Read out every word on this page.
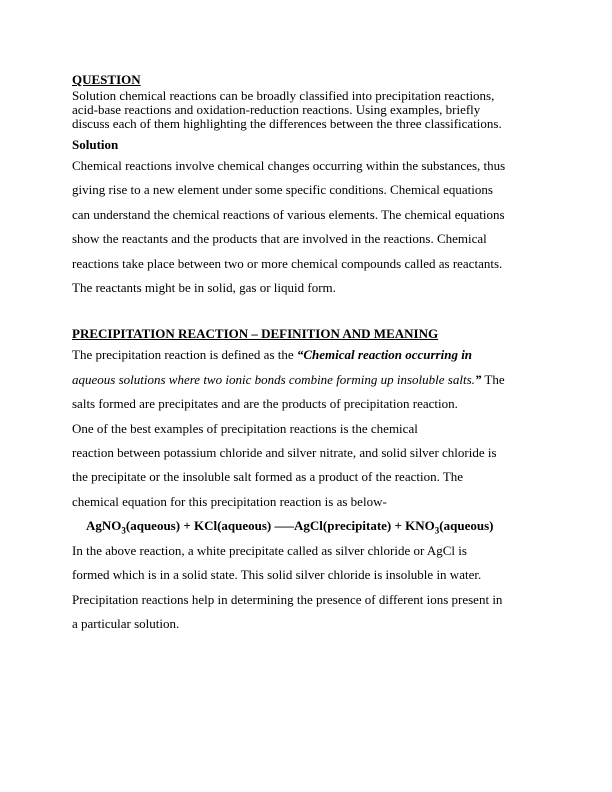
QUESTION

Solution chemical reactions can be broadly classified into precipitation reactions,
acid-base reactions and oxidation-reduction reactions. Using examples, briefly
discuss each of them highlighting the differences between the three classifications.

Solution

Chemical reactions involve chemical changes occurring within the substances, thus
giving rise to a new element under some specific conditions. Chemical equations
can understand the chemical reactions of various elements. The chemical equations
show the reactants and the products that are involved in the reactions. Chemical
reactions take place between two or more chemical compounds called as reactants.
The reactants might be in solid, gas or liquid form.

PRECIPITATION REACTION – DEFINITION AND MEANING

The precipitation reaction is defined as the “Chemical reaction occurring in
aqueous solutions where two ionic bonds combine forming up insoluble salts.” The
salts formed are precipitates and are the products of precipitation reaction.
One of the best examples of precipitation reactions is the chemical
reaction between potassium chloride and silver nitrate, and solid silver chloride is
the precipitate or the insoluble salt formed as a product of the reaction. The
chemical equation for this precipitation reaction is as below-

AgNO$_3$(aqueous) + KCl(aqueous) —–AgCl(precipitate) + $KNO_3(aqueous)$

In the above reaction, a white precipitate called as silver chloride or AgCl is
formed which is in a solid state. This solid silver chloride is insoluble in water.
Precipitation reactions help in determining the presence of different ions present in
a particular solution.
